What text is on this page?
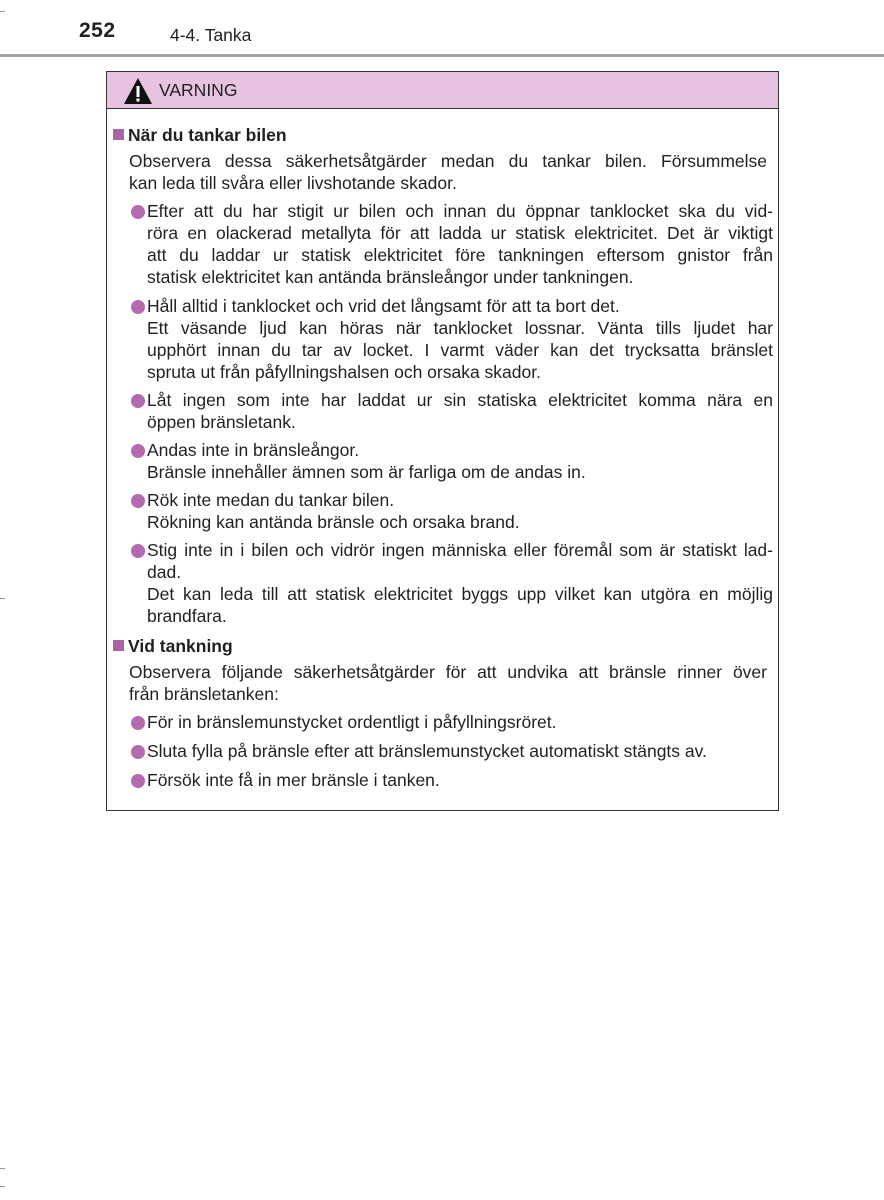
252	4-4. Tanka
VARNING
När du tankar bilen
Observera dessa säkerhetsåtgärder medan du tankar bilen. Försummelse
kan leda till svåra eller livshotande skador.
Efter att du har stigit ur bilen och innan du öppnar tanklocket ska du vid-
röra en olackerad metallyta för att ladda ur statisk elektricitet. Det är viktigt
att du laddar ur statisk elektricitet före tankningen eftersom gnistor från
statisk elektricitet kan antända bränsleångor under tankningen.
Håll alltid i tanklocket och vrid det långsamt för att ta bort det.
Ett väsande ljud kan höras när tanklocket lossnar. Vänta tills ljudet har
upphört innan du tar av locket. I varmt väder kan det trycksatta bränslet
spruta ut från påfyllningshalsen och orsaka skador.
Låt ingen som inte har laddat ur sin statiska elektricitet komma nära en
öppen bränsletank.
Andas inte in bränsleångor.
Bränsle innehåller ämnen som är farliga om de andas in.
Rök inte medan du tankar bilen.
Rökning kan antända bränsle och orsaka brand.
Stig inte in i bilen och vidrör ingen människa eller föremål som är statiskt lad-
dad.
Det kan leda till att statisk elektricitet byggs upp vilket kan utgöra en möjlig
brandfara.
Vid tankning
Observera följande säkerhetsåtgärder för att undvika att bränsle rinner över
från bränsletanken:
För in bränslemunstycket ordentligt i påfyllningsröret.
Sluta fylla på bränsle efter att bränslemunstycket automatiskt stängts av.
Försök inte få in mer bränsle i tanken.
